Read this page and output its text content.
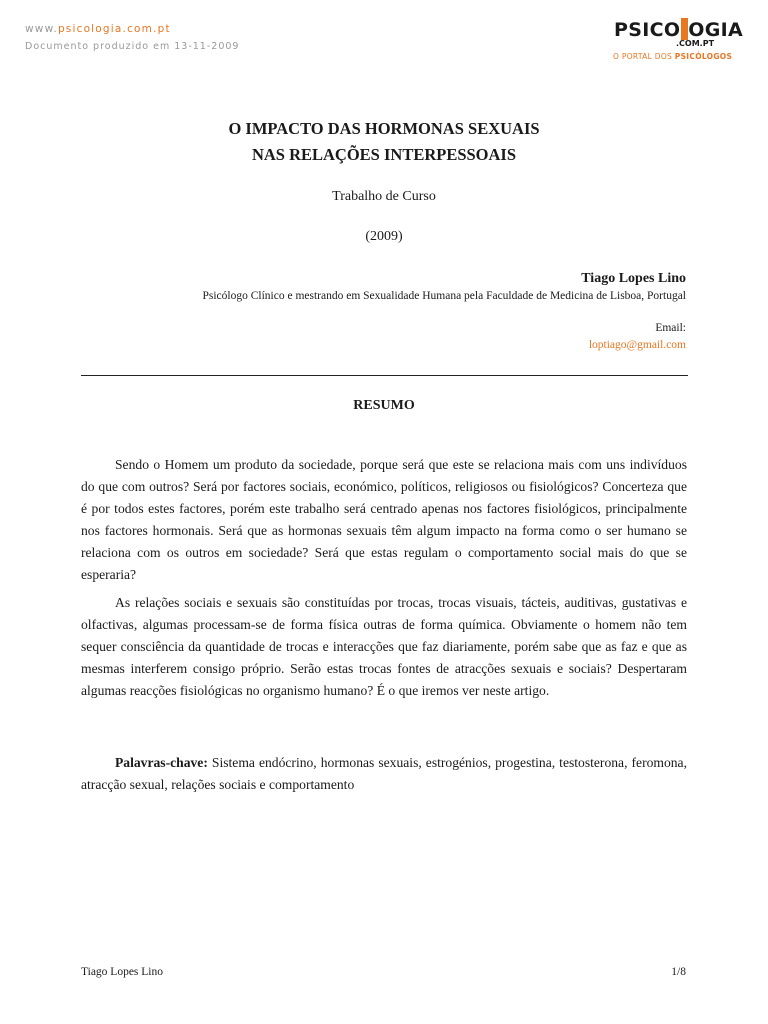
www.psicologia.com.pt
Documento produzido em 13-11-2009
PSICO OGIA
.COM.PT
O PORTAL DOS PSICÓLOGOS
O IMPACTO DAS HORMONAS SEXUAIS
NAS RELAÇÕES INTERPESSOAIS
Trabalho de Curso
(2009)
Tiago Lopes Lino
Psicólogo Clínico e mestrando em Sexualidade Humana pela Faculdade de Medicina de Lisboa, Portugal
Email:
loptiago@gmail.com
RESUMO
Sendo o Homem um produto da sociedade, porque será que este se relaciona mais com uns indivíduos do que com outros? Será por factores sociais, económico, políticos, religiosos ou fisiológicos? Concerteza que é por todos estes factores, porém este trabalho será centrado apenas nos factores fisiológicos, principalmente nos factores hormonais. Será que as hormonas sexuais têm algum impacto na forma como o ser humano se relaciona com os outros em sociedade? Será que estas regulam o comportamento social mais do que se esperaria?
As relações sociais e sexuais são constituídas por trocas, trocas visuais, tácteis, auditivas, gustativas e olfactivas, algumas processam-se de forma física outras de forma química. Obviamente o homem não tem sequer consciência da quantidade de trocas e interacções que faz diariamente, porém sabe que as faz e que as mesmas interferem consigo próprio. Serão estas trocas fontes de atracções sexuais e sociais? Despertaram algumas reacções fisiológicas no organismo humano? É o que iremos ver neste artigo.
Palavras-chave: Sistema endócrino, hormonas sexuais, estrogénios, progestina, testosterona, feromona, atracção sexual, relações sociais e comportamento
Tiago Lopes Lino	1/8
